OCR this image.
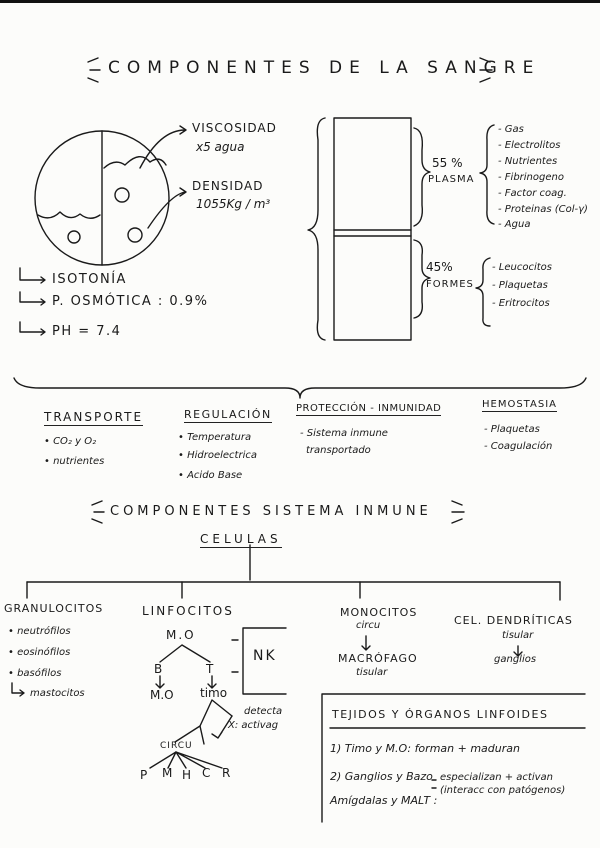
COMPONENTES DE LA SANGRE
VISCOSIDAD
x5 agua
DENSIDAD
1055Kg / m³
ISOTONÍA
P. OSMÓTICA : 0.9%
PH = 7.4
55 %
PLASMA
- Gas
- Electrolitos
- Nutrientes
- Fibrinogeno
- Factor coag.
- Proteinas (Col-γ)
- Agua
45%
FORMES
- Leucocitos
- Plaquetas
- Eritrocitos
TRANSPORTE
• CO₂ y O₂
• nutrientes
REGULACIÓN
• Temperatura
• Hidroelectrica
• Acido Base
PROTECCIÓN - INMUNIDAD
- Sistema inmune
transportado
HEMOSTASIA
- Plaquetas
- Coagulación
COMPONENTES SISTEMA INMUNE
CELULAS
GRANULOCITOS
• neutrófilos
• eosinófilos
• basófilos
mastocitos
LINFOCITOS
M.O
B	T
M.O timo
NK
detecta
X: activag
CIRCU
P M H C R
MONOCITOS
circu
MACRÓFAGO
tisular
CEL. DENDRÍTICAS
tisular
ganglios
TEJIDOS Y ÓRGANOS LINFOIDES
1) Timo y M.O: forman + maduran
2) Ganglios y Bazo
Amígdalas y MALT :
especializan + activan (interacc con patógenos)
